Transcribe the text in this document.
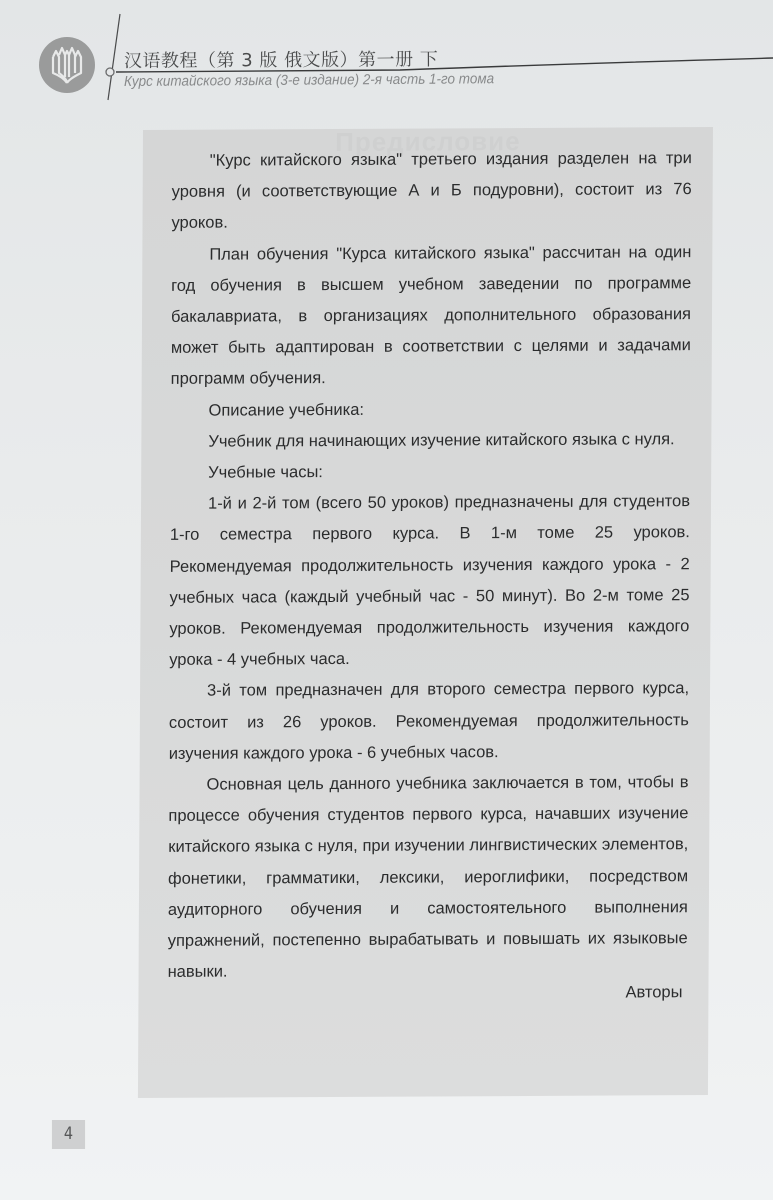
汉语教程（第 3 版 俄文版）第一册 下
Курс китайского языка (3-е издание) 2-я часть 1-го тома
Предисловие

"Курс китайского языка" третьего издания разделен на три уровня (и соответствующие А и Б подуровни), состоит из 76 уроков.

План обучения "Курса китайского языка" рассчитан на один год обучения в высшем учебном заведении по программе бакалавриата, в организациях дополнительного образования может быть адаптирован в соответствии с целями и задачами программ обучения.

Описание учебника:

Учебник для начинающих изучение китайского языка с нуля.

Учебные часы:

1-й и 2-й том (всего 50 уроков) предназначены для студентов 1-го семестра первого курса. В 1-м томе 25 уроков. Рекомендуемая продолжительность изучения каждого урока - 2 учебных часа (каждый учебный час - 50 минут). Во 2-м томе 25 уроков. Рекомендуемая продолжительность изучения каждого урока - 4 учебных часа.

3-й том предназначен для второго семестра первого курса, состоит из 26 уроков. Рекомендуемая продолжительность изучения каждого урока - 6 учебных часов.

Основная цель данного учебника заключается в том, чтобы в процессе обучения студентов первого курса, начавших изучение китайского языка с нуля, при изучении лингвистических элементов, фонетики, грамматики, лексики, иероглифики, посредством аудиторного обучения и самостоятельного выполнения упражнений, постепенно вырабатывать и повышать их языковые навыки.

Авторы
4
